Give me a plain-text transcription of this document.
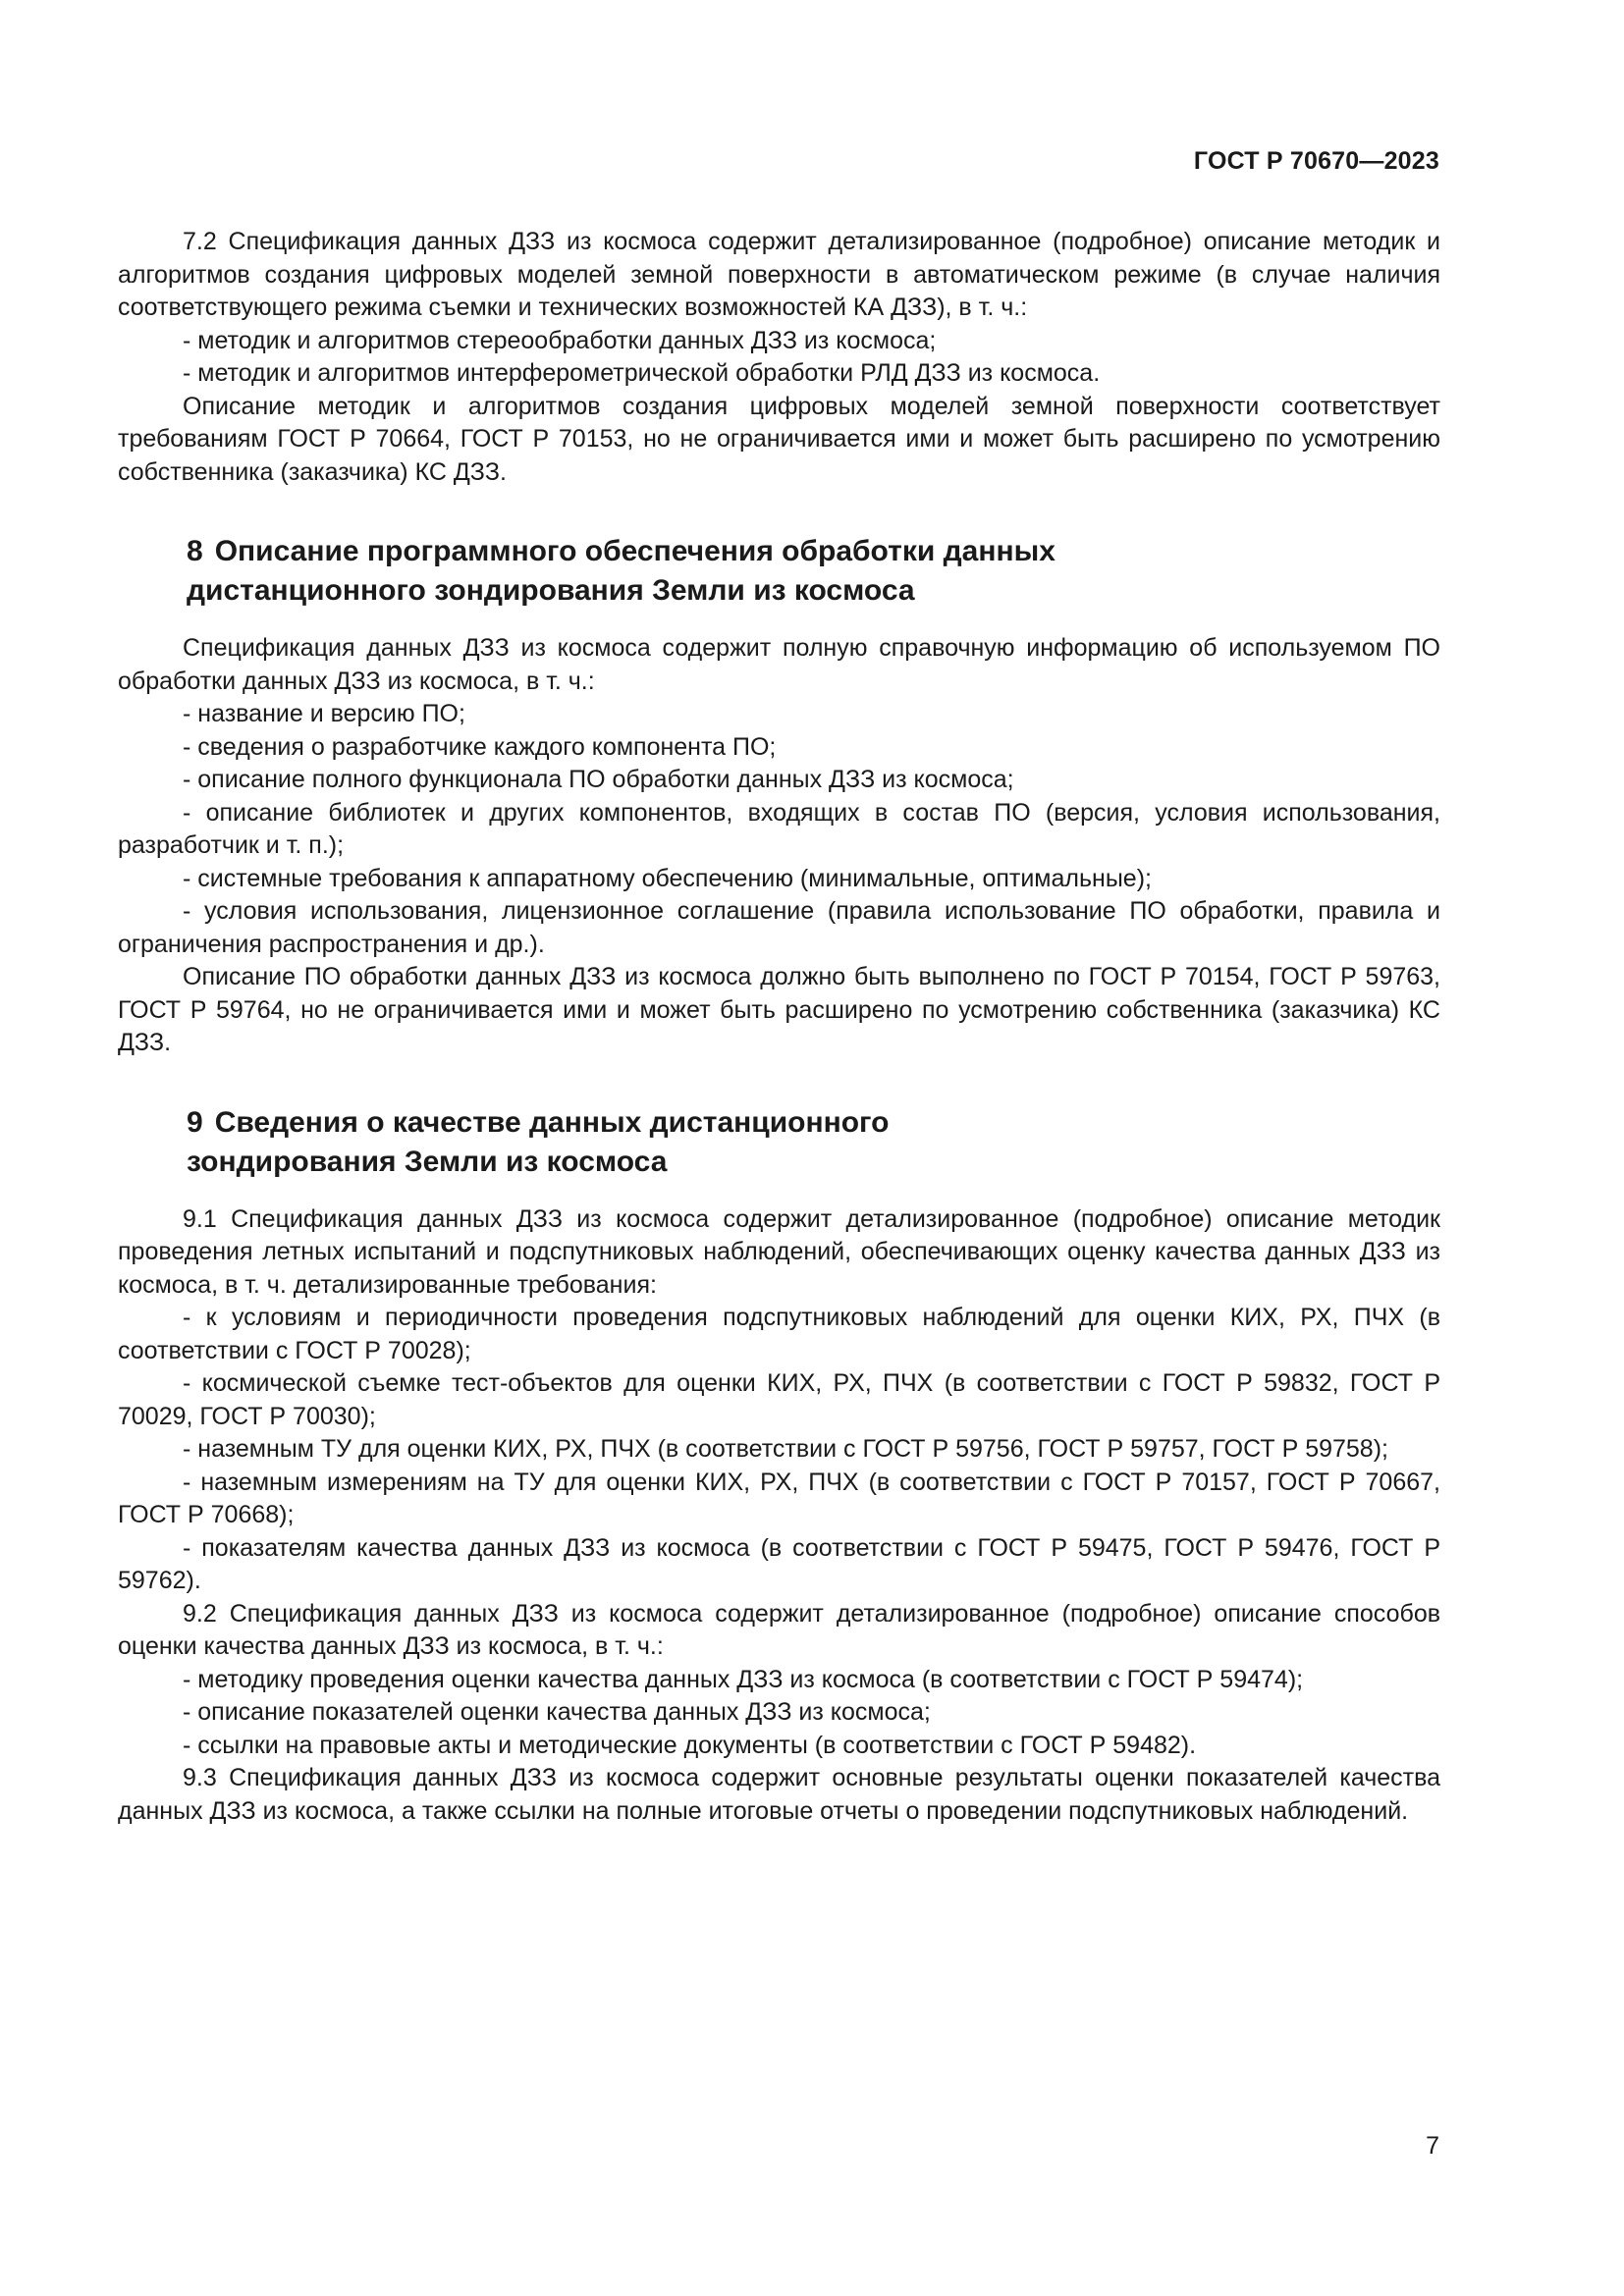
ГОСТ Р 70670—2023

7.2 Спецификация данных ДЗЗ из космоса содержит детализированное (подробное) описание методик и алгоритмов создания цифровых моделей земной поверхности в автоматическом режиме (в случае наличия соответствующего режима съемки и технических возможностей КА ДЗЗ), в т. ч.:

- методик и алгоритмов стереообработки данных ДЗЗ из космоса;

- методик и алгоритмов интерферометрической обработки РЛД ДЗЗ из космоса.

Описание методик и алгоритмов создания цифровых моделей земной поверхности соответствует требованиям ГОСТ Р 70664, ГОСТ Р 70153, но не ограничивается ими и может быть расширено по усмотрению собственника (заказчика) КС ДЗЗ.

8 Описание программного обеспечения обработки данных
дистанционного зондирования Земли из космоса

Спецификация данных ДЗЗ из космоса содержит полную справочную информацию об используемом ПО обработки данных ДЗЗ из космоса, в т. ч.:

- название и версию ПО;

- сведения о разработчике каждого компонента ПО;

- описание полного функционала ПО обработки данных ДЗЗ из космоса;

- описание библиотек и других компонентов, входящих в состав ПО (версия, условия использования, разработчик и т. п.);

- системные требования к аппаратному обеспечению (минимальные, оптимальные);

- условия использования, лицензионное соглашение (правила использование ПО обработки, правила и ограничения распространения и др.).

Описание ПО обработки данных ДЗЗ из космоса должно быть выполнено по ГОСТ Р 70154, ГОСТ Р 59763, ГОСТ Р 59764, но не ограничивается ими и может быть расширено по усмотрению собственника (заказчика) КС ДЗЗ.

9 Сведения о качестве данных дистанционного
зондирования Земли из космоса

9.1 Спецификация данных ДЗЗ из космоса содержит детализированное (подробное) описание методик проведения летных испытаний и подспутниковых наблюдений, обеспечивающих оценку качества данных ДЗЗ из космоса, в т. ч. детализированные требования:

- к условиям и периодичности проведения подспутниковых наблюдений для оценки КИХ, РХ, ПЧХ (в соответствии с ГОСТ Р 70028);

- космической съемке тест-объектов для оценки КИХ, РХ, ПЧХ (в соответствии с ГОСТ Р 59832, ГОСТ Р 70029, ГОСТ Р 70030);

- наземным ТУ для оценки КИХ, РХ, ПЧХ (в соответствии с ГОСТ Р 59756, ГОСТ Р 59757, ГОСТ Р 59758);

- наземным измерениям на ТУ для оценки КИХ, РХ, ПЧХ (в соответствии с ГОСТ Р 70157, ГОСТ Р 70667, ГОСТ Р 70668);

- показателям качества данных ДЗЗ из космоса (в соответствии с ГОСТ Р 59475, ГОСТ Р 59476, ГОСТ Р 59762).

9.2 Спецификация данных ДЗЗ из космоса содержит детализированное (подробное) описание способов оценки качества данных ДЗЗ из космоса, в т. ч.:

- методику проведения оценки качества данных ДЗЗ из космоса (в соответствии с ГОСТ Р 59474);

- описание показателей оценки качества данных ДЗЗ из космоса;

- ссылки на правовые акты и методические документы (в соответствии с ГОСТ Р 59482).

9.3 Спецификация данных ДЗЗ из космоса содержит основные результаты оценки показателей качества данных ДЗЗ из космоса, а также ссылки на полные итоговые отчеты о проведении подспутниковых наблюдений.

7
